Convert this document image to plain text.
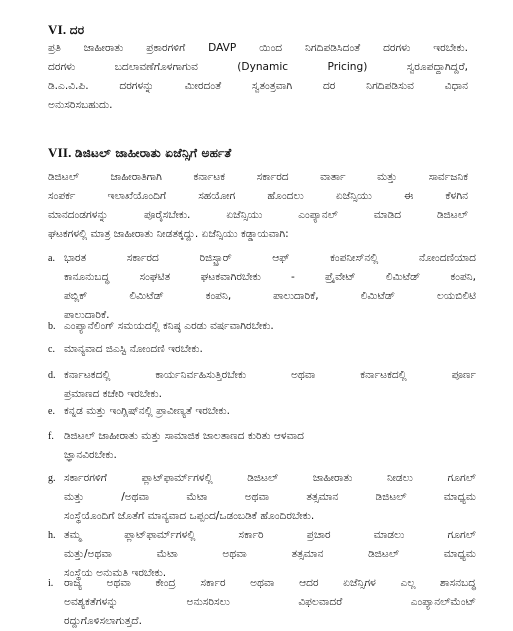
VI. ದರ
ಪ್ರತಿ ಜಾಹೀರಾತು ಪ್ರಕಾರಗಳಿಗೆ DAVP ಯಿಂದ ನಿಗದಿಪಡಿಸಿದಂತೆ ದರಗಳು ಇರಬೇಕು.
ದರಗಳು ಬದಲಾವಣೆಗೊಳಗಾಗುವ (Dynamic Pricing) ಸ್ವರೂಪದ್ದಾಗಿದ್ದರೆ,
ಡಿ.ಎ.ವಿ.ಪಿ. ದರಗಳನ್ನು ಮೀರದಂತೆ ಸ್ವತಂತ್ರವಾಗಿ ದರ ನಿಗದಿಪಡಿಸುವ ವಿಧಾನ
ಅನುಸರಿಸಬಹುದು.
VII. ಡಿಜಿಟಲ್ ಜಾಹೀರಾತು ಏಜೆನ್ಸಿಗೆ ಅರ್ಹತೆ
ಡಿಜಿಟಲ್ ಜಾಹೀರಾತಿಗಾಗಿ ಕರ್ನಾಟಕ ಸರ್ಕಾರದ ವಾರ್ತಾ ಮತ್ತು ಸಾರ್ವಜನಿಕ
ಸಂಪರ್ಕ ಇಲಾಖೆಯೊಂದಿಗೆ ಸಹಯೋಗ ಹೊಂದಲು ಏಜೆನ್ಸಿಯು ಈ ಕೆಳಗಿನ
ಮಾನದಂಡಗಳನ್ನು ಪೂರೈಸಬೇಕು. ಏಜೆನ್ಸಿಯು ಎಂಪ್ಯಾನಲ್ ಮಾಡಿದ ಡಿಜಿಟಲ್
ಘಟಕಗಳಲ್ಲಿ ಮಾತ್ರ ಜಾಹೀರಾತು ನೀಡತಕ್ಕದ್ದು. ಏಜೆನ್ಸಿಯು ಕಡ್ಡಾಯವಾಗಿ:
a. ಭಾರತ ಸರ್ಕಾರದ ರಿಜಿಸ್ಟ್ರಾರ್ ಆಫ್ ಕಂಪನೀಸ್‌ನಲ್ಲಿ ನೋಂದಣಿಯಾದ
ಕಾನೂನುಬದ್ಧ ಸಂಘಟಿತ ಘಟಕವಾಗಿರಬೇಕು - ಪ್ರೈವೇಟ್ ಲಿಮಿಟೆಡ್ ಕಂಪನಿ,
ಪಬ್ಲಿಕ್ ಲಿಮಿಟೆಡ್ ಕಂಪನಿ, ಪಾಲುದಾರಿಕೆ, ಲಿಮಿಟೆಡ್ ಲಯಬಿಲಿಟಿ
ಪಾಲುದಾರಿಕೆ.
b. ಎಂಪ್ಯಾನೆಲಿಂಗ್ ಸಮಯದಲ್ಲಿ ಕನಿಷ್ಠ ಎರಡು ವರ್ಷವಾಗಿರಬೇಕು.
c. ಮಾನ್ಯವಾದ ಜಿಎಸ್ಟಿ ನೋಂದಣಿ ಇರಬೇಕು.
d. ಕರ್ನಾಟಕದಲ್ಲಿ ಕಾರ್ಯನಿರ್ವಹಿಸುತ್ತಿರಬೇಕು ಅಥವಾ ಕರ್ನಾಟಕದಲ್ಲಿ ಪೂರ್ಣ
ಪ್ರಮಾಣದ ಕಚೇರಿ ಇರಬೇಕು.
e. ಕನ್ನಡ ಮತ್ತು ಇಂಗ್ಲಿಷ್‌ನಲ್ಲಿ ಪ್ರಾವೀಣ್ಯತೆ ಇರಬೇಕು.
f. ಡಿಜಿಟಲ್ ಜಾಹೀರಾತು ಮತ್ತು ಸಾಮಾಜಿಕ ಜಾಲತಾಣದ ಕುರಿತು ಆಳವಾದ
ಜ್ಞಾನವಿರಬೇಕು.
g. ಸರ್ಕಾರಗಳಿಗೆ ಪ್ಲಾಟ್‌ಫಾರ್ಮ್‌ಗಳಲ್ಲಿ ಡಿಜಿಟಲ್ ಜಾಹೀರಾತು ನೀಡಲು ಗೂಗಲ್
ಮತ್ತು /ಅಥವಾ ಮೆಟಾ ಅಥವಾ ತತ್ಸಮಾನ ಡಿಜಿಟಲ್ ಮಾಧ್ಯಮ
ಸಂಸ್ಥೆಯೊಂದಿಗೆ ಜೊತೆಗೆ ಮಾನ್ಯವಾದ ಒಪ್ಪಂದ/ಒಡಂಬಡಿಕೆ ಹೊಂದಿರಬೇಕು.
h. ತಮ್ಮ ಪ್ಲಾಟ್‌ಫಾರ್ಮ್‌ಗಳಲ್ಲಿ ಸರ್ಕಾರಿ ಪ್ರಚಾರ ಮಾಡಲು ಗೂಗಲ್
ಮತ್ತು/ಅಥವಾ ಮೆಟಾ ಅಥವಾ ತತ್ಸಮಾನ ಡಿಜಿಟಲ್ ಮಾಧ್ಯಮ
ಸಂಸ್ಥೆಯ ಅನುಮತಿ ಇರಬೇಕು.
i.	ರಾಜ್ಯ ಅಥವಾ ಕೇಂದ್ರ ಸರ್ಕಾರ ಅಥವಾ ಆದರ ಏಜೆನ್ಸಿಗಳ ಎಲ್ಲ ಶಾಸನಬದ್ಧ
ಅವಶ್ಯಕತೆಗಳನ್ನು ಅನುಸರಿಸಲು ವಿಫಲವಾದರೆ ಎಂಪ್ಯಾನಲ್‌ಮೆಂಟ್
ರದ್ದುಗೊಳಿಸಲಾಗುತ್ತದೆ.
